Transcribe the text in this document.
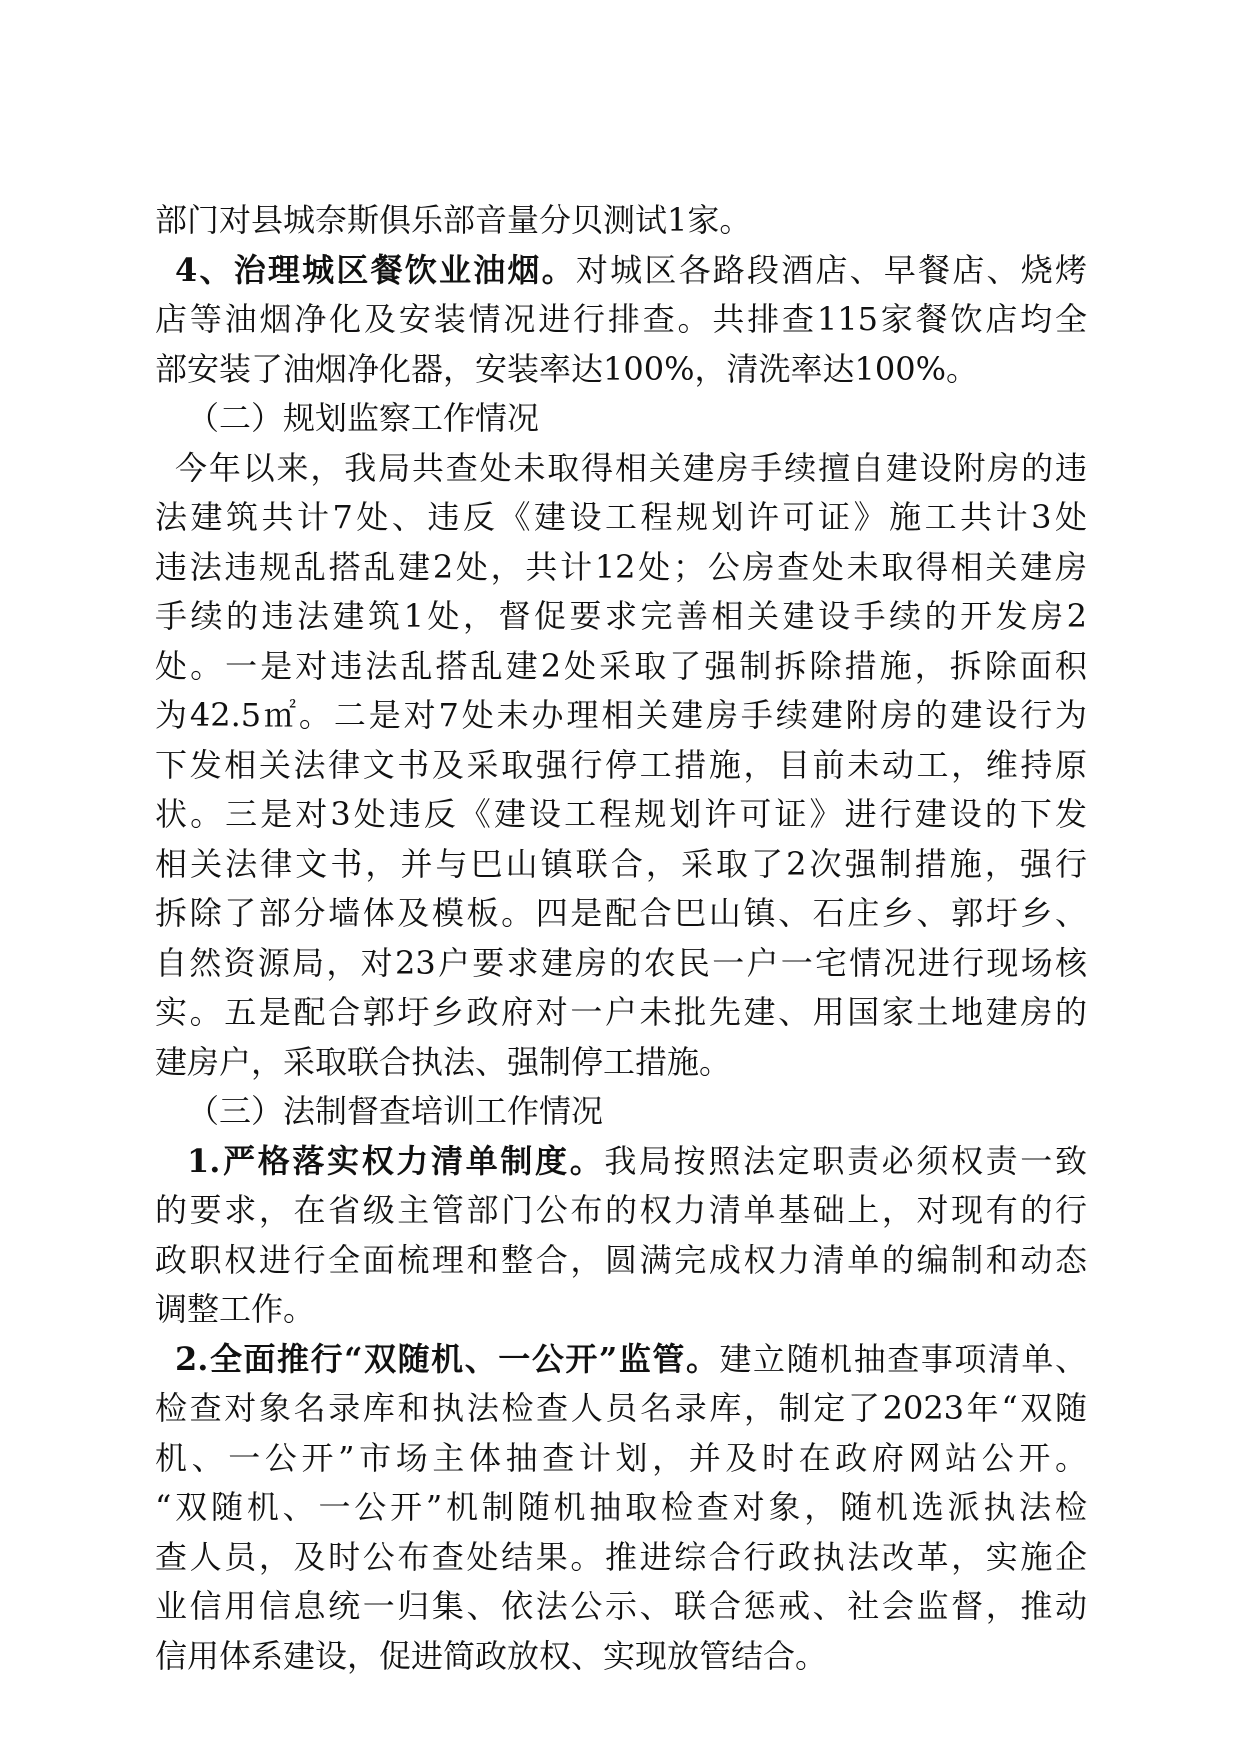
部门对县城奈斯俱乐部音量分贝测试1家。
4、治理城区餐饮业油烟。对城区各路段酒店、早餐店、烧烤
店等油烟净化及安装情况进行排查。共排查115家餐饮店均全
部安装了油烟净化器，安装率达100%，清洗率达100%。
（二）规划监察工作情况
今年以来，我局共查处未取得相关建房手续擅自建设附房的违
法建筑共计7处、违反《建设工程规划许可证》施工共计3处
违法违规乱搭乱建2处，共计12处；公房查处未取得相关建房
手续的违法建筑1处，督促要求完善相关建设手续的开发房2
处。一是对违法乱搭乱建2处采取了强制拆除措施，拆除面积
为42.5㎡。二是对7处未办理相关建房手续建附房的建设行为
下发相关法律文书及采取强行停工措施，目前未动工，维持原
状。三是对3处违反《建设工程规划许可证》进行建设的下发
相关法律文书，并与巴山镇联合，采取了2次强制措施，强行
拆除了部分墙体及模板。四是配合巴山镇、石庄乡、郭圩乡、
自然资源局，对23户要求建房的农民一户一宅情况进行现场核
实。五是配合郭圩乡政府对一户未批先建、用国家土地建房的
建房户，采取联合执法、强制停工措施。
（三）法制督查培训工作情况
1.严格落实权力清单制度。我局按照法定职责必须权责一致
的要求，在省级主管部门公布的权力清单基础上，对现有的行
政职权进行全面梳理和整合，圆满完成权力清单的编制和动态
调整工作。
2.全面推行“双随机、一公开”监管。建立随机抽查事项清单、
检查对象名录库和执法检查人员名录库，制定了2023年“双随
机、一公开”市场主体抽查计划，并及时在政府网站公开。
“双随机、一公开”机制随机抽取检查对象，随机选派执法检
查人员，及时公布查处结果。推进综合行政执法改革，实施企
业信用信息统一归集、依法公示、联合惩戒、社会监督，推动
信用体系建设，促进简政放权、实现放管结合。
